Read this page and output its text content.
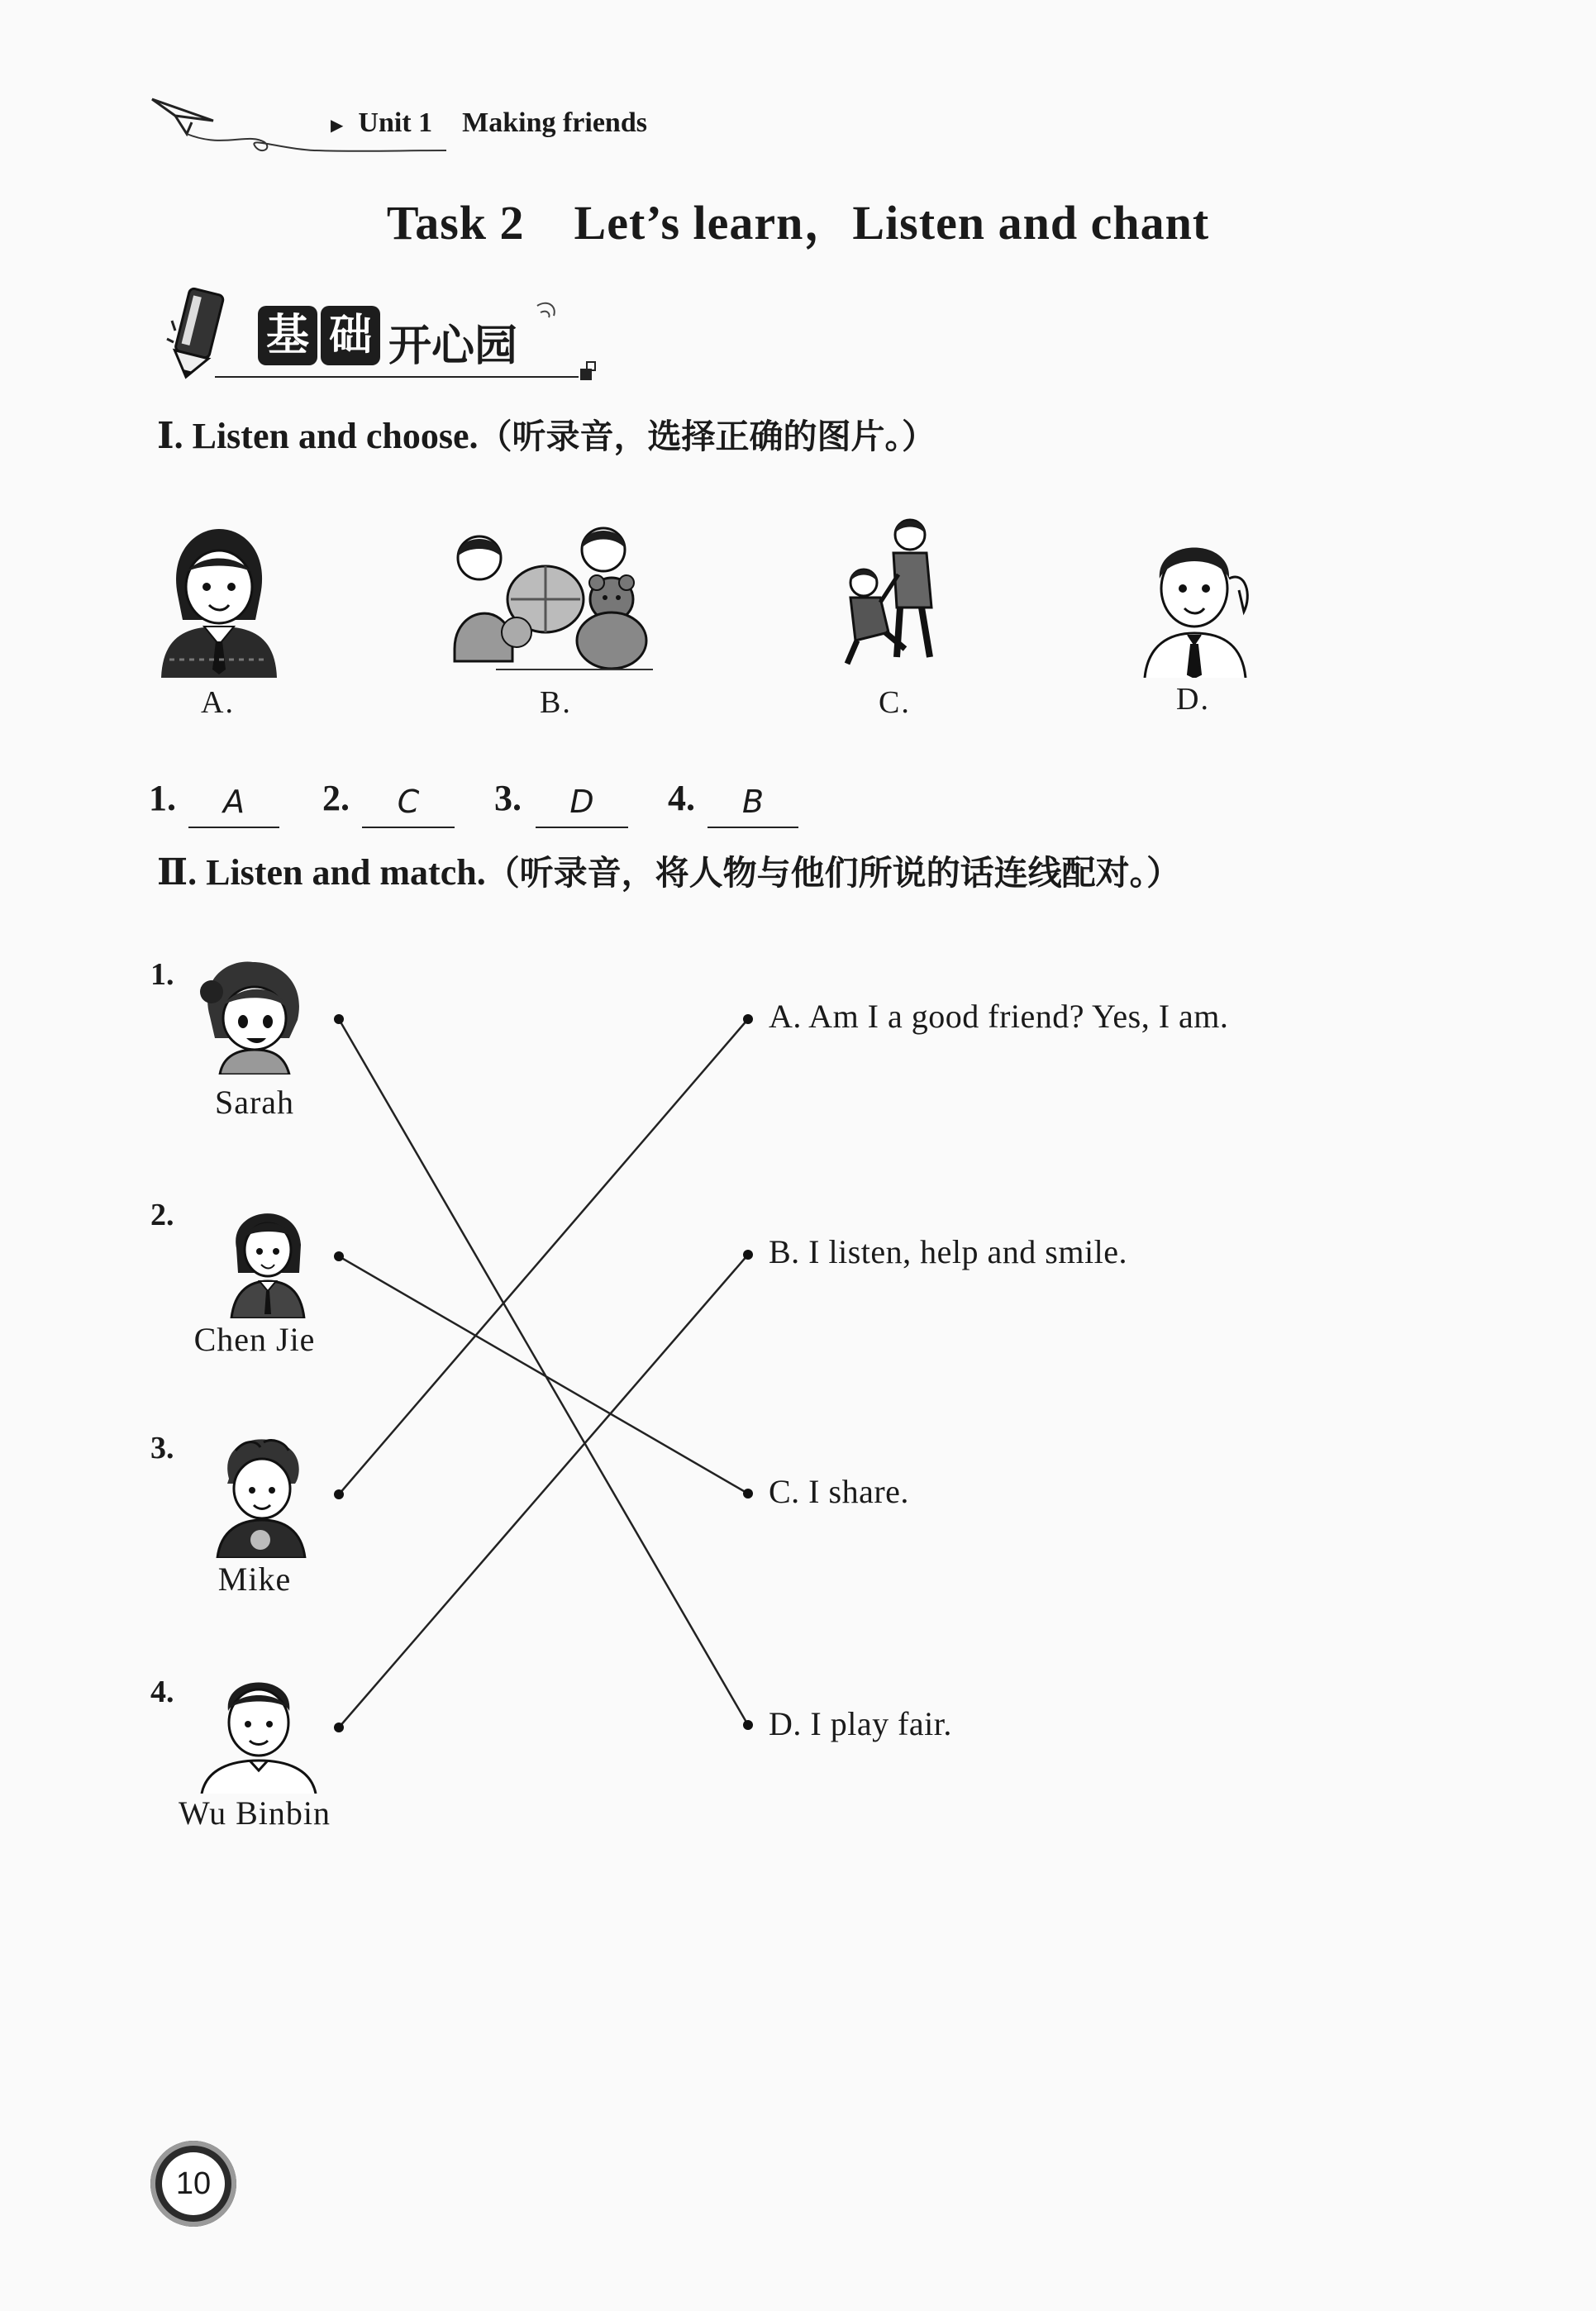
▶ Unit 1 Making friends
Task 2 Let’s learn，Listen and chant
基 础 开心园
Ⅰ. Listen and choose.（听录音，选择正确的图片。）
A.	B.	C.	D.
1.	A	2.	C	3.	D	4.	B
Ⅱ. Listen and match.（听录音，将人物与他们所说的话连线配对。）
1.
Sarah
2.
Chen Jie
3.
Mike
4.
Wu Binbin
A. Am I a good friend? Yes, I am.
B. I listen, help and smile.
C. I share.
D. I play fair.
10
